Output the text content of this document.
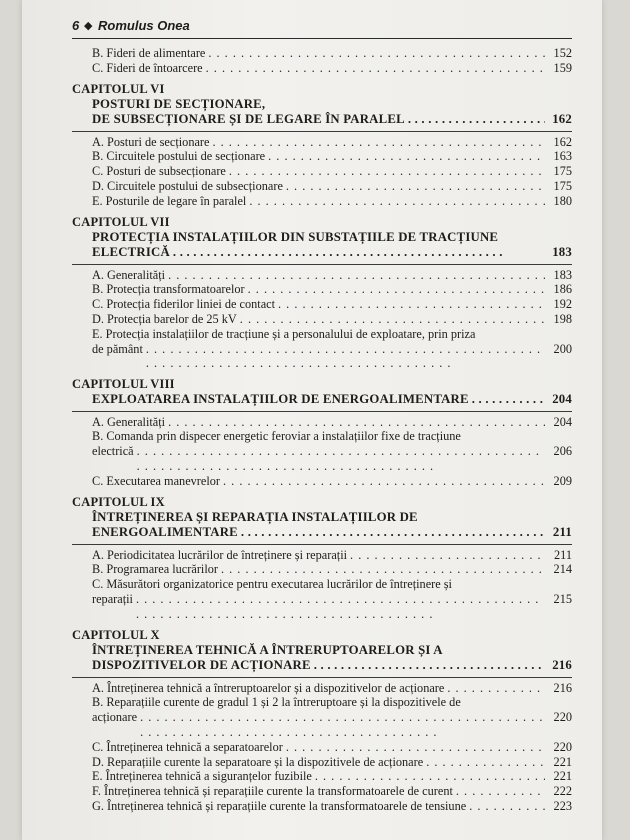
6 ◆ Romulus Onea
B. Fideri de alimentare . . .	152
C. Fideri de întoarcere . . .	159
CAPITOLUL VI
POSTURI DE SECȚIONARE,
DE SUBSECȚIONARE ȘI DE LEGARE ÎN PARALEL . . .	162
A. Posturi de secționare . . .	162
B. Circuitele postului de secționare . . .	163
C. Posturi de subsecționare . . .	175
D. Circuitele postului de subsecționare . . .	175
E. Posturile de legare în paralel . . .	180
CAPITOLUL VII
PROTECȚIA INSTALAȚIILOR DIN SUBSTAȚIILE DE TRACȚIUNE
ELECTRICĂ . . .	183
A. Generalități . . .	183
B. Protecția transformatoarelor . . .	186
C. Protecția fiderilor liniei de contact . . .	192
D. Protecția barelor de 25 kV . . .	198
E. Protecția instalațiilor de tracțiune și a personalului de exploatare, prin priza
de pământ . . .	200
CAPITOLUL VIII
EXPLOATAREA INSTALAȚIILOR DE ENERGOALIMENTARE . . .	204
A. Generalități . . .	204
B. Comanda prin dispecer energetic feroviar a instalațiilor fixe de tracțiune
electrică . . .	206
C. Executarea manevrelor . . .	209
CAPITOLUL IX
ÎNTREȚINEREA ȘI REPARAȚIA INSTALAȚIILOR DE
ENERGOALIMENTARE . . .	211
A. Periodicitatea lucrărilor de întreținere și reparații . . .	211
B. Programarea lucrărilor . . .	214
C. Măsurători organizatorice pentru executarea lucrărilor de întreținere și
reparații . . .	215
CAPITOLUL X
ÎNTREȚINEREA TEHNICĂ A ÎNTRERUPTOARELOR ȘI A
DISPOZITIVELOR DE ACȚIONARE . . .	216
A. Întreținerea tehnică a întreruptoarelor și a dispozitivelor de acționare . . .	216
B. Reparațiile curente de gradul 1 și 2 la întreruptoare și la dispozitivele de
acționare . . .	220
C. Întreținerea tehnică a separatoarelor . . .	220
D. Reparațiile curente la separatoare și la dispozitivele de acționare . . .	221
E. Întreținerea tehnică a siguranțelor fuzibile . . .	221
F. Întreținerea tehnică și reparațiile curente la transformatoarele de curent . . .	222
G. Întreținerea tehnică și reparațiile curente la transformatoarele de tensiune . . .	223
